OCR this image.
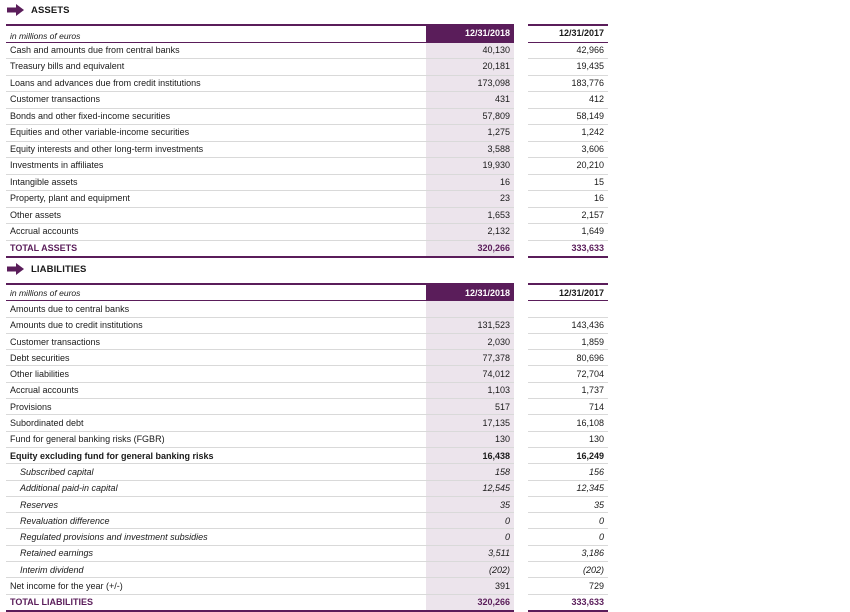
ASSETS
in millions of euros	12/31/2018		12/31/2017
Cash and amounts due from central banks	40,130		42,966
Treasury bills and equivalent	20,181		19,435
Loans and advances due from credit institutions	173,098		183,776
Customer transactions	431		412
Bonds and other fixed-income securities	57,809		58,149
Equities and other variable-income securities	1,275		1,242
Equity interests and other long-term investments	3,588		3,606
Investments in affiliates	19,930		20,210
Intangible assets	16		15
Property, plant and equipment	23		16
Other assets	1,653		2,157
Accrual accounts	2,132		1,649
TOTAL ASSETS	320,266		333,633
LIABILITIES
in millions of euros	12/31/2018		12/31/2017
Amounts due to central banks			
Amounts due to credit institutions	131,523		143,436
Customer transactions	2,030		1,859
Debt securities	77,378		80,696
Other liabilities	74,012		72,704
Accrual accounts	1,103		1,737
Provisions	517		714
Subordinated debt	17,135		16,108
Fund for general banking risks (FGBR)	130		130
Equity excluding fund for general banking risks	16,438		16,249
Subscribed capital	158		156
Additional paid-in capital	12,545		12,345
Reserves	35		35
Revaluation difference	0		0
Regulated provisions and investment subsidies	0		0
Retained earnings	3,511		3,186
Interim dividend	(202)		(202)
Net income for the year (+/-)	391		729
TOTAL LIABILITIES	320,266		333,633
